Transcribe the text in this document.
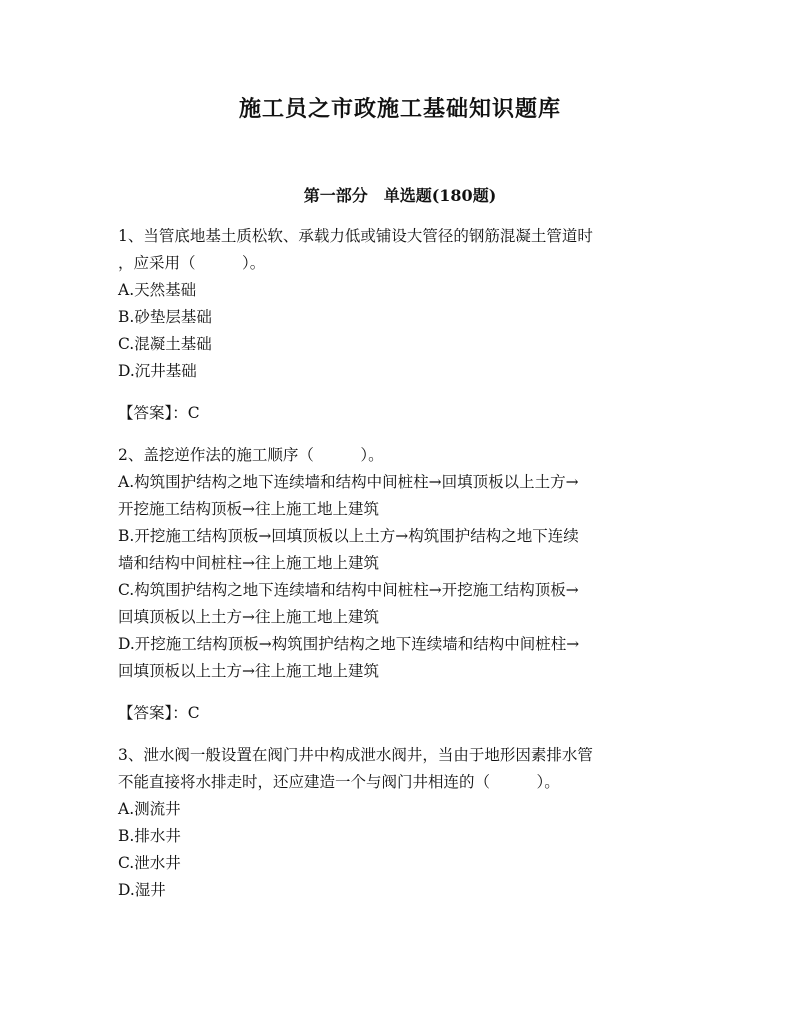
施工员之市政施工基础知识题库
第一部分　单选题(180题)
1、当管底地基土质松软、承载力低或铺设大管径的钢筋混凝土管道时
，应采用（　　　）。
A.天然基础
B.砂垫层基础
C.混凝土基础
D.沉井基础
【答案】：C
2、盖挖逆作法的施工顺序（　　　）。
A.构筑围护结构之地下连续墙和结构中间桩柱→回填顶板以上土方→
开挖施工结构顶板→往上施工地上建筑
B.开挖施工结构顶板→回填顶板以上土方→构筑围护结构之地下连续
墙和结构中间桩柱→往上施工地上建筑
C.构筑围护结构之地下连续墙和结构中间桩柱→开挖施工结构顶板→
回填顶板以上土方→往上施工地上建筑
D.开挖施工结构顶板→构筑围护结构之地下连续墙和结构中间桩柱→
回填顶板以上土方→往上施工地上建筑
【答案】：C
3、泄水阀一般设置在阀门井中构成泄水阀井，当由于地形因素排水管
不能直接将水排走时，还应建造一个与阀门井相连的（　　　）。
A.测流井
B.排水井
C.泄水井
D.湿井
